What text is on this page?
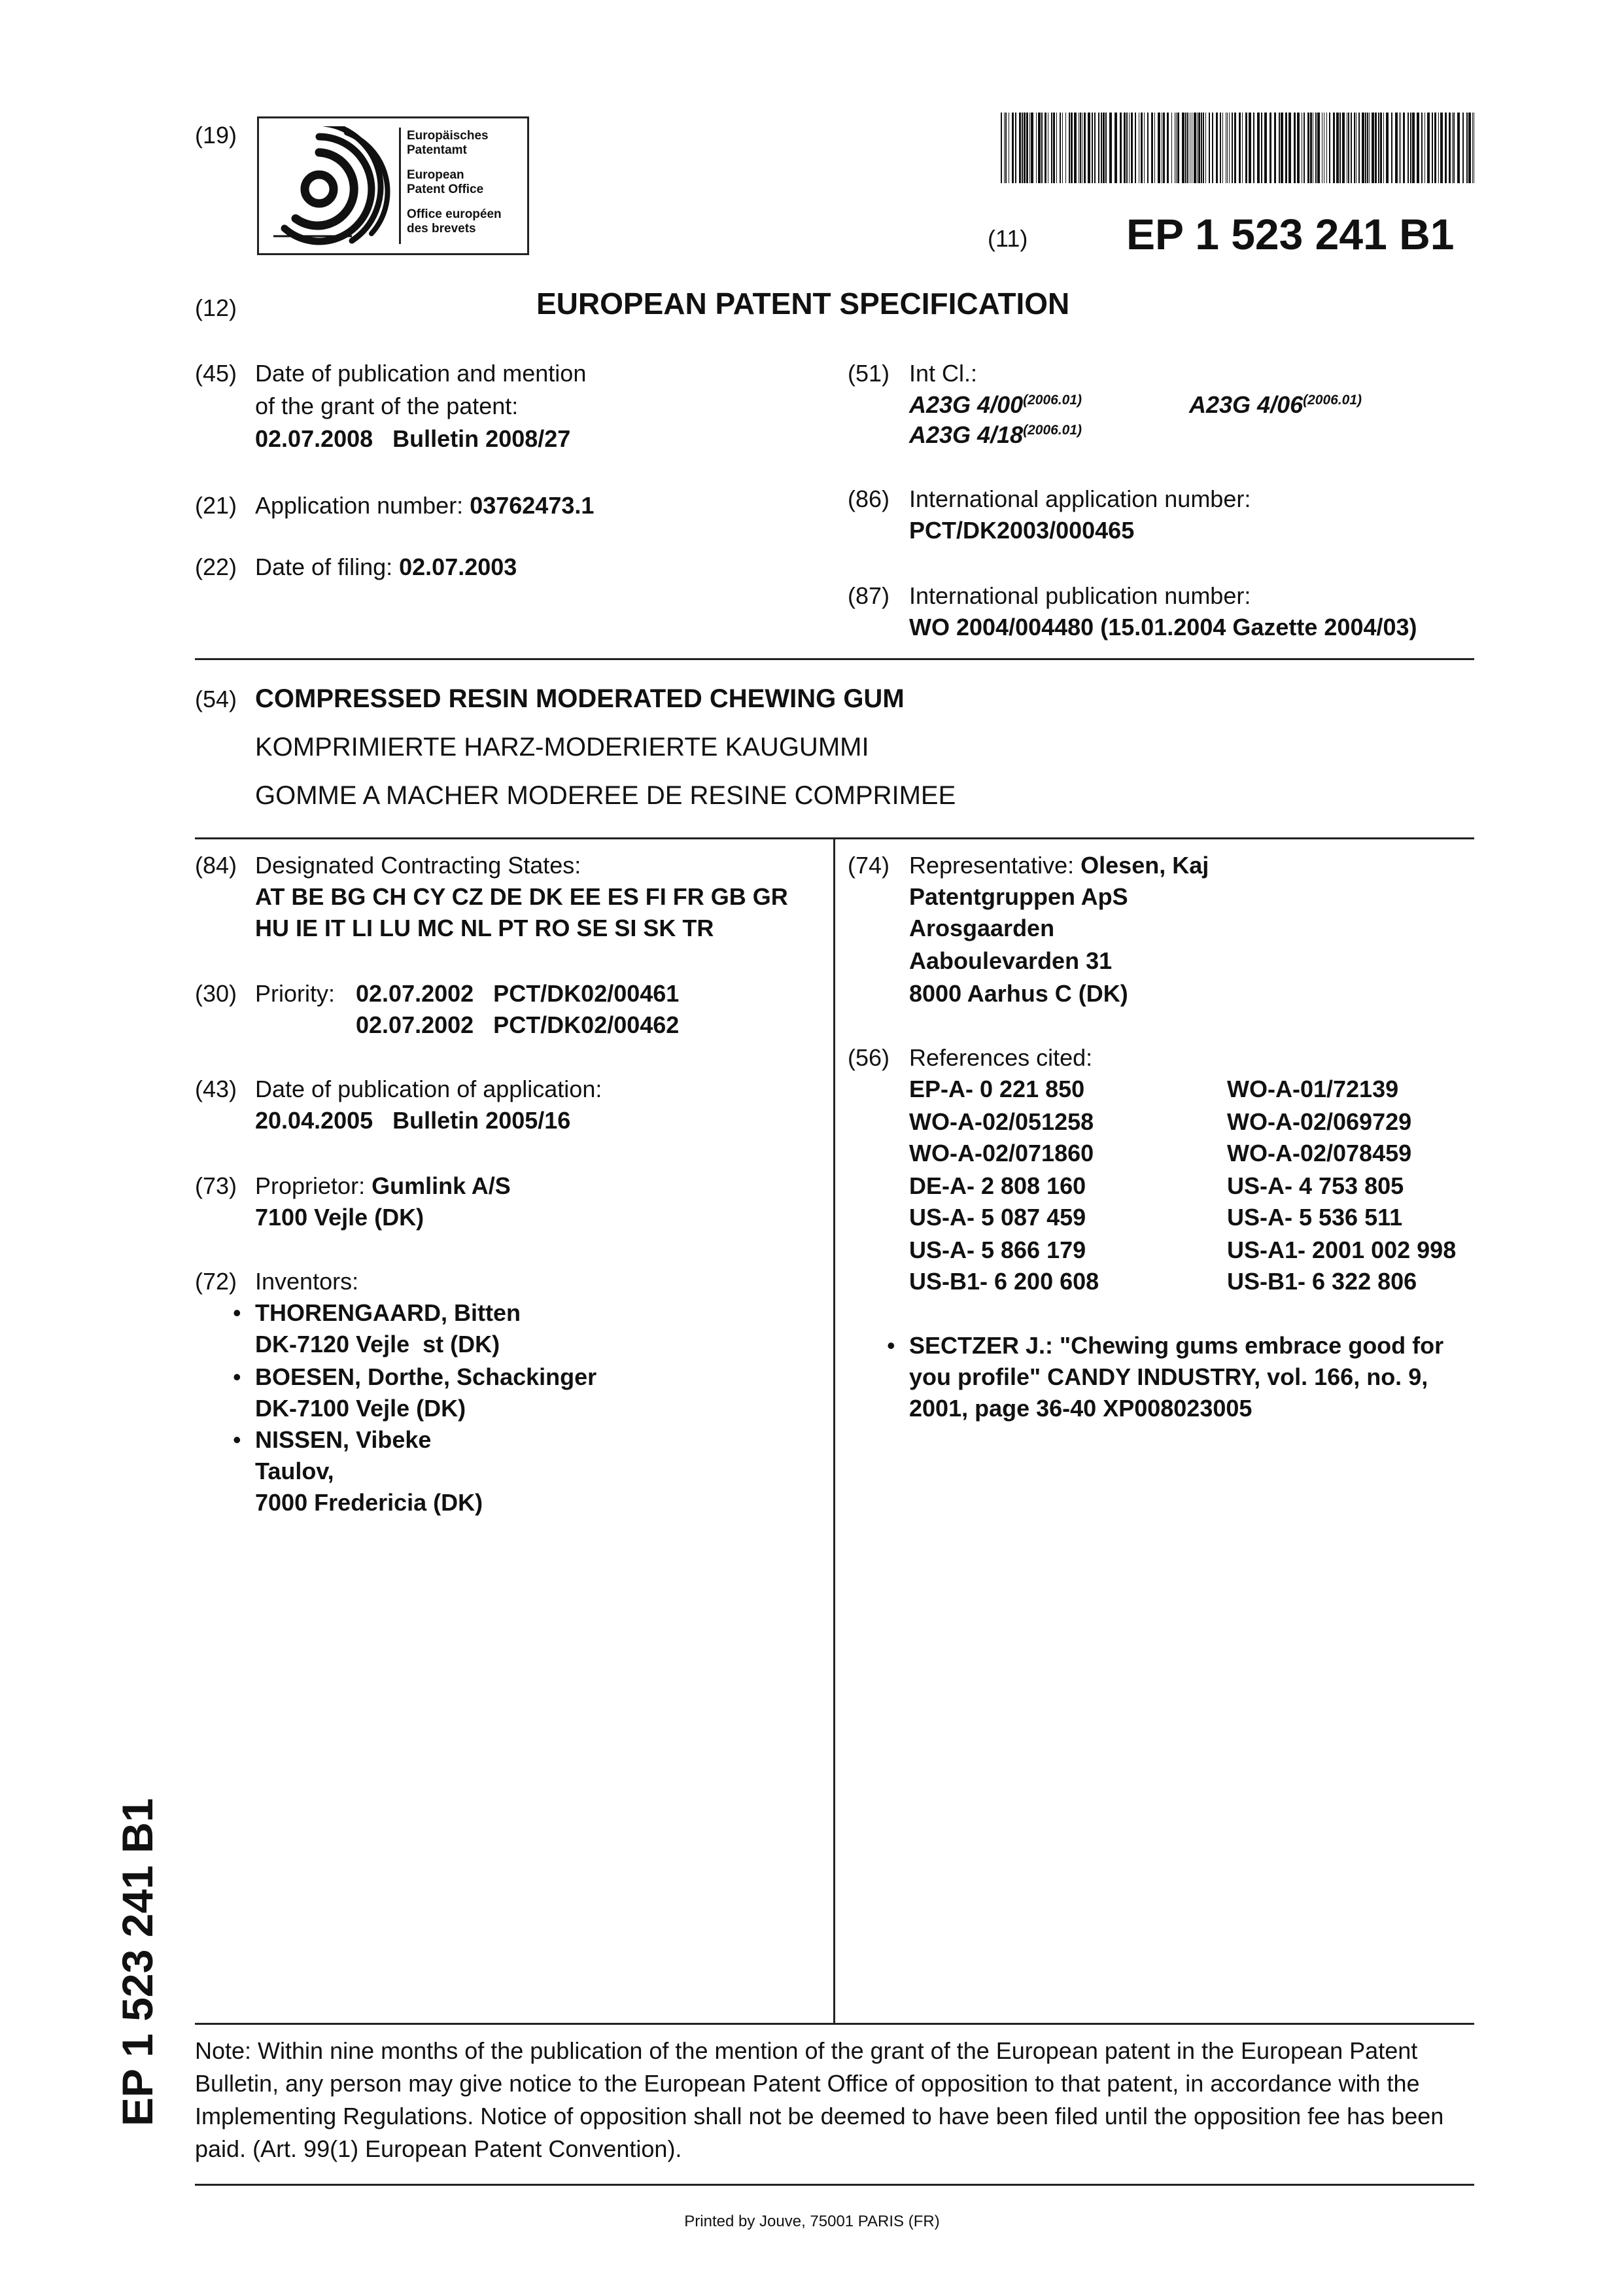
(19)	Europäisches
Patentamt
European
Patent Office
Office européen
des brevets	(11) EP 1 523 241 B1
(12)	EUROPEAN PATENT SPECIFICATION
(45) Date of publication and mention
of the grant of the patent:
02.07.2008   Bulletin 2008/27
(21) Application number: 03762473.1
(22) Date of filing: 02.07.2003
(51) Int Cl.:
A23G $4/00^{(2006.01)}$	A23G $4/06^{(2006.01)}$
A23G $4/18^{(2006.01)}$
(86) International application number:
PCT/DK2003/000465
(87) International publication number:
WO 2004/004480 (15.01.2004 Gazette 2004/03)
(54) COMPRESSED RESIN MODERATED CHEWING GUM
KOMPRIMIERTE HARZ-MODERIERTE KAUGUMMI
GOMME A MACHER MODEREE DE RESINE COMPRIMEE
(84) Designated Contracting States:
AT BE BG CH CY CZ DE DK EE ES FI FR GB GR
HU IE IT LI LU MC NL PT RO SE SI SK TR
(30) Priority: 02.07.2002   PCT/DK02/00461
02.07.2002   PCT/DK02/00462
(43) Date of publication of application:
20.04.2005   Bulletin 2005/16
(73) Proprietor: Gumlink A/S
7100 Vejle (DK)
(72) Inventors:
• THORENGAARD, Bitten
DK-7120 Vejle  st (DK)
• BOESEN, Dorthe, Schackinger
DK-7100 Vejle (DK)
• NISSEN, Vibeke
Taulov,
7000 Fredericia (DK)
(74) Representative: Olesen, Kaj
Patentgruppen ApS
Arosgaarden
Aaboulevarden 31
8000 Aarhus C (DK)
(56) References cited:
EP-A- 0 221 850	WO-A-01/72139
WO-A-02/051258	WO-A-02/069729
WO-A-02/071860	WO-A-02/078459
DE-A- 2 808 160	US-A- 4 753 805
US-A- 5 087 459	US-A- 5 536 511
US-A- 5 866 179	US-A1- 2001 002 998
US-B1- 6 200 608	US-B1- 6 322 806
• SECTZER J.: "Chewing gums embrace good for
you profile" CANDY INDUSTRY, vol. 166, no. 9,
2001, page 36-40 XP008023005
EP 1 523 241 B1 Note: Within nine months of the publication of the mention of the grant of the European patent in the European Patent
Bulletin, any person may give notice to the European Patent Office of opposition to that patent, in accordance with the
Implementing Regulations. Notice of opposition shall not be deemed to have been filed until the opposition fee has been
paid. (Art. 99(1) European Patent Convention).
Printed by Jouve, 75001 PARIS (FR)
